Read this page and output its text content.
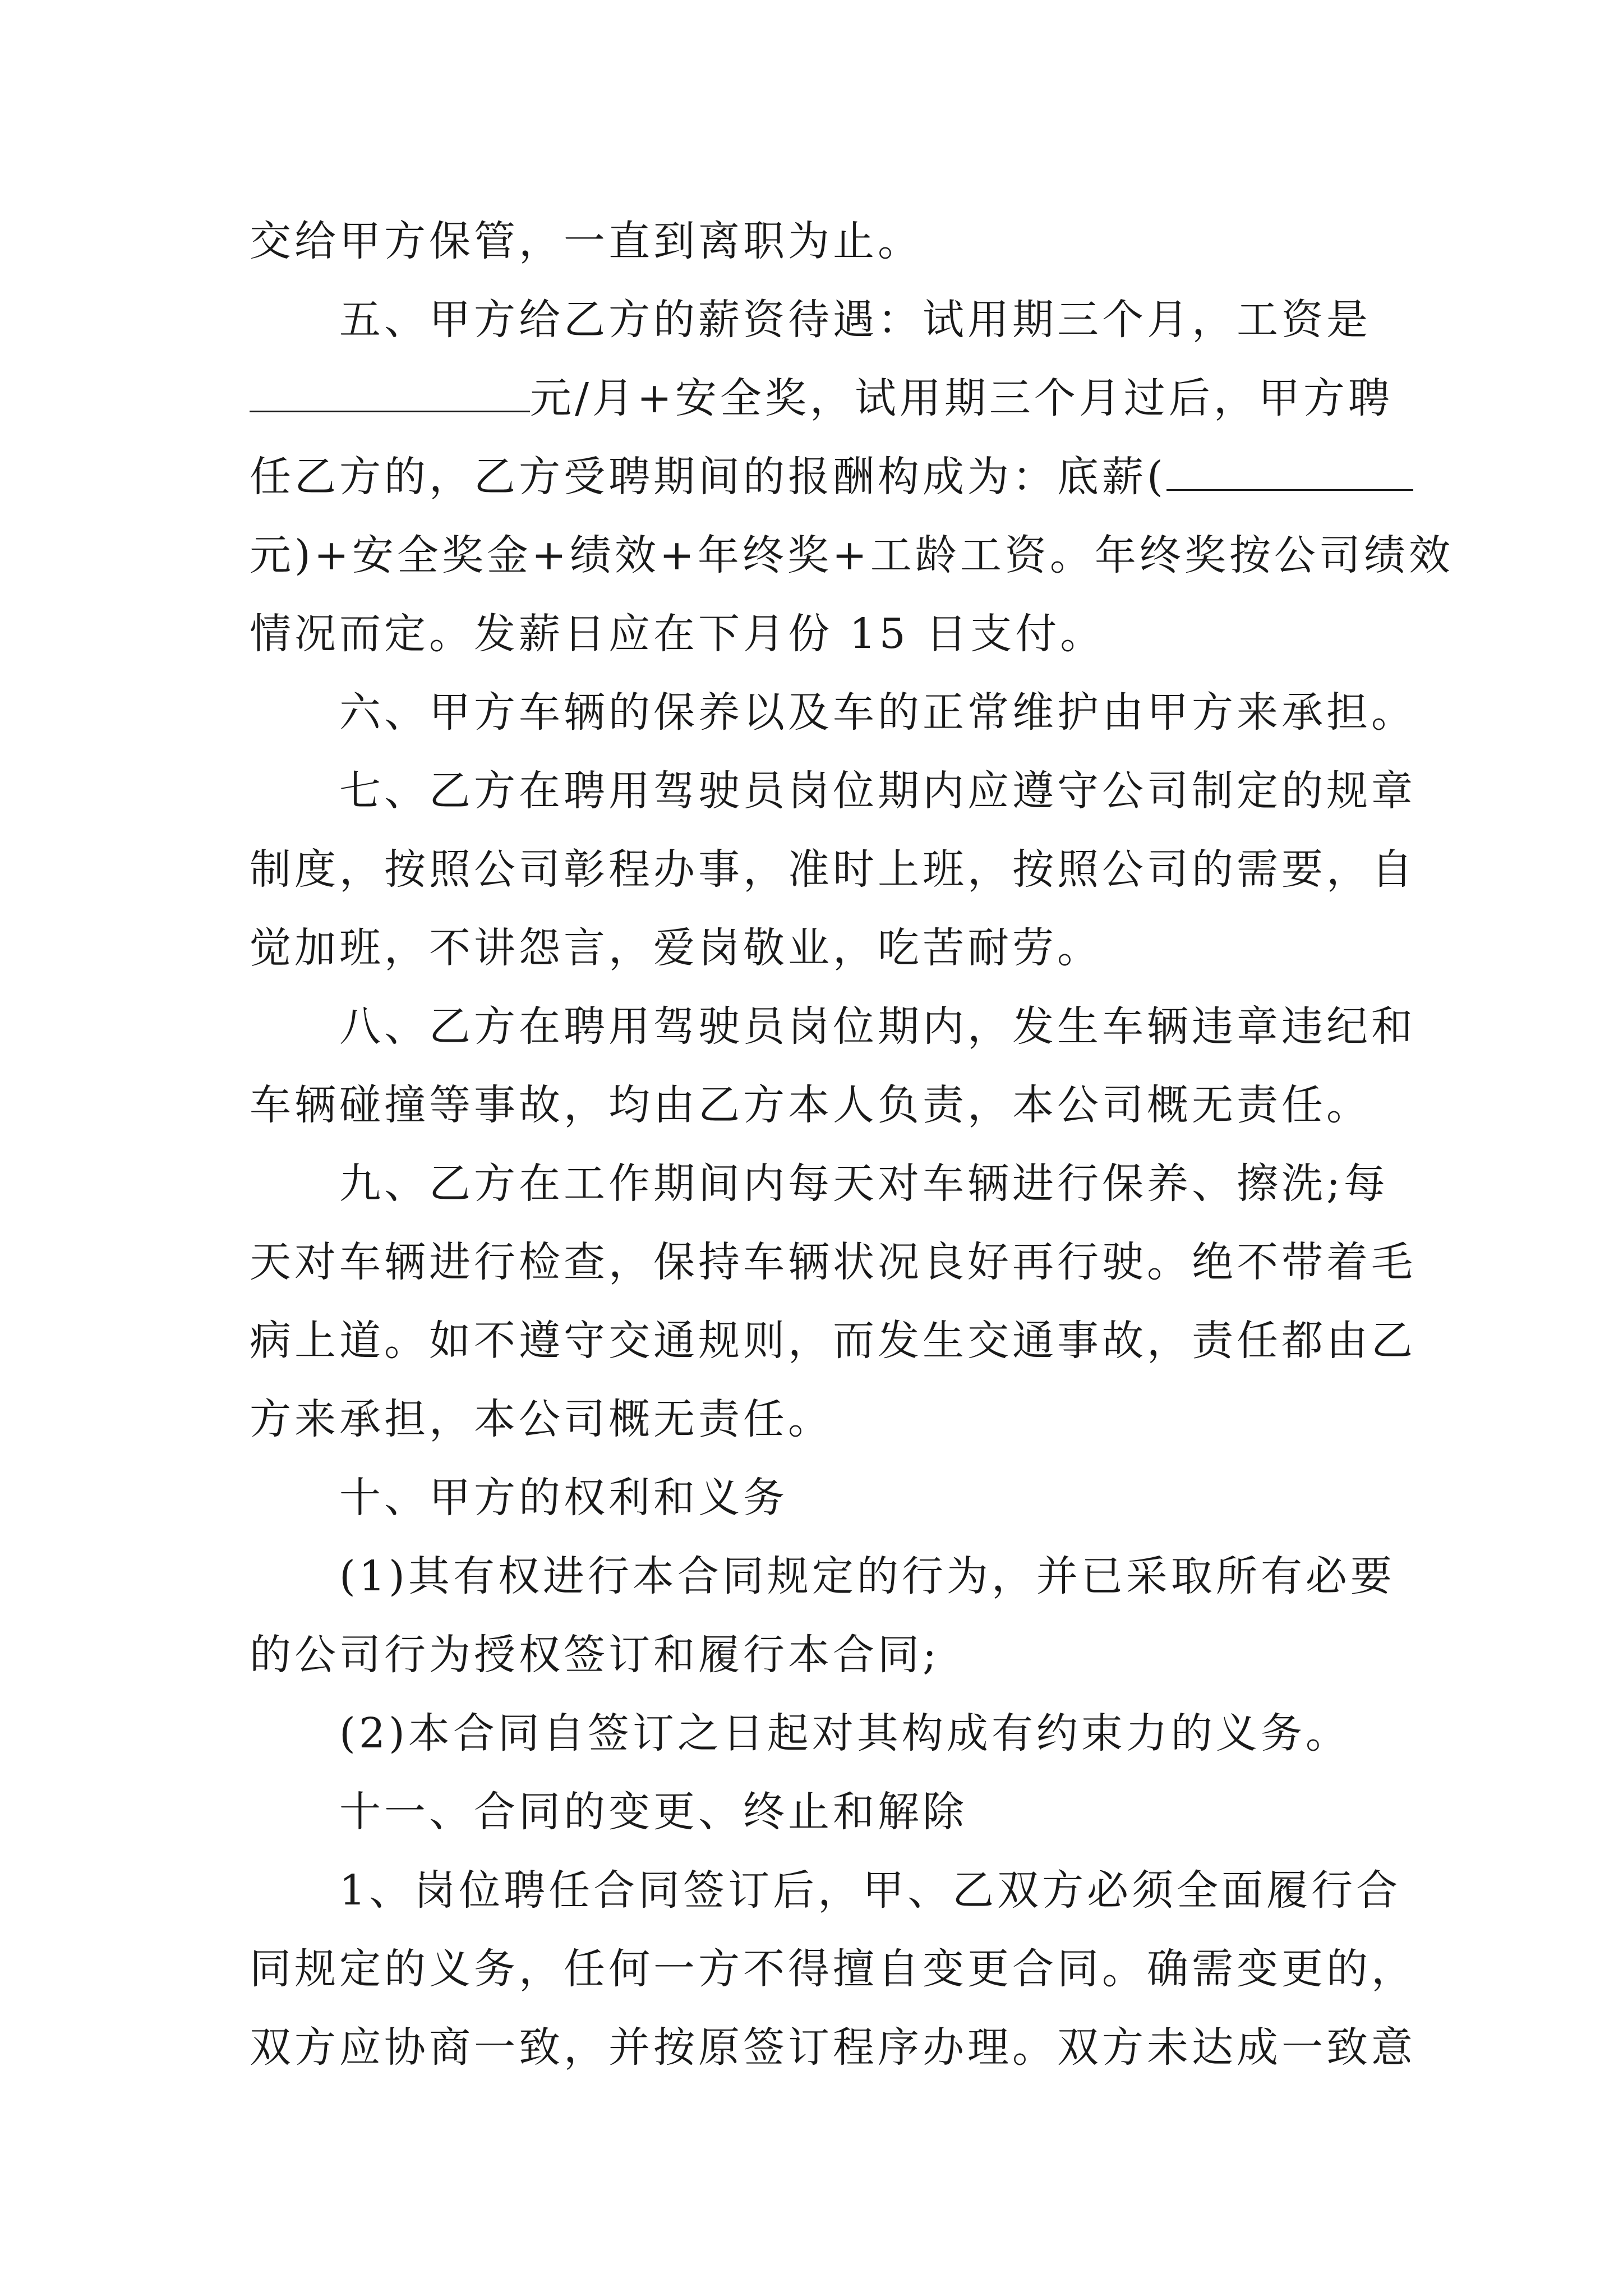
交给甲方保管，一直到离职为止。
五、甲方给乙方的薪资待遇：试用期三个月，工资是
元/月+安全奖，试用期三个月过后，甲方聘
任乙方的，乙方受聘期间的报酬构成为：底薪(
元)+安全奖金+绩效+年终奖+工龄工资。年终奖按公司绩效
情况而定。发薪日应在下月份 15 日支付。
六、甲方车辆的保养以及车的正常维护由甲方来承担。
七、乙方在聘用驾驶员岗位期内应遵守公司制定的规章
制度，按照公司彰程办事，准时上班，按照公司的需要，自
觉加班，不讲怨言，爱岗敬业，吃苦耐劳。
八、乙方在聘用驾驶员岗位期内，发生车辆违章违纪和
车辆碰撞等事故，均由乙方本人负责，本公司概无责任。
九、乙方在工作期间内每天对车辆进行保养、擦洗;每
天对车辆进行检查，保持车辆状况良好再行驶。绝不带着毛
病上道。如不遵守交通规则，而发生交通事故，责任都由乙
方来承担，本公司概无责任。
十、甲方的权利和义务
(1)其有权进行本合同规定的行为，并已采取所有必要
的公司行为授权签订和履行本合同;
(2)本合同自签订之日起对其构成有约束力的义务。
十一、合同的变更、终止和解除
1、岗位聘任合同签订后，甲、乙双方必须全面履行合
同规定的义务，任何一方不得擅自变更合同。确需变更的，
双方应协商一致，并按原签订程序办理。双方未达成一致意
